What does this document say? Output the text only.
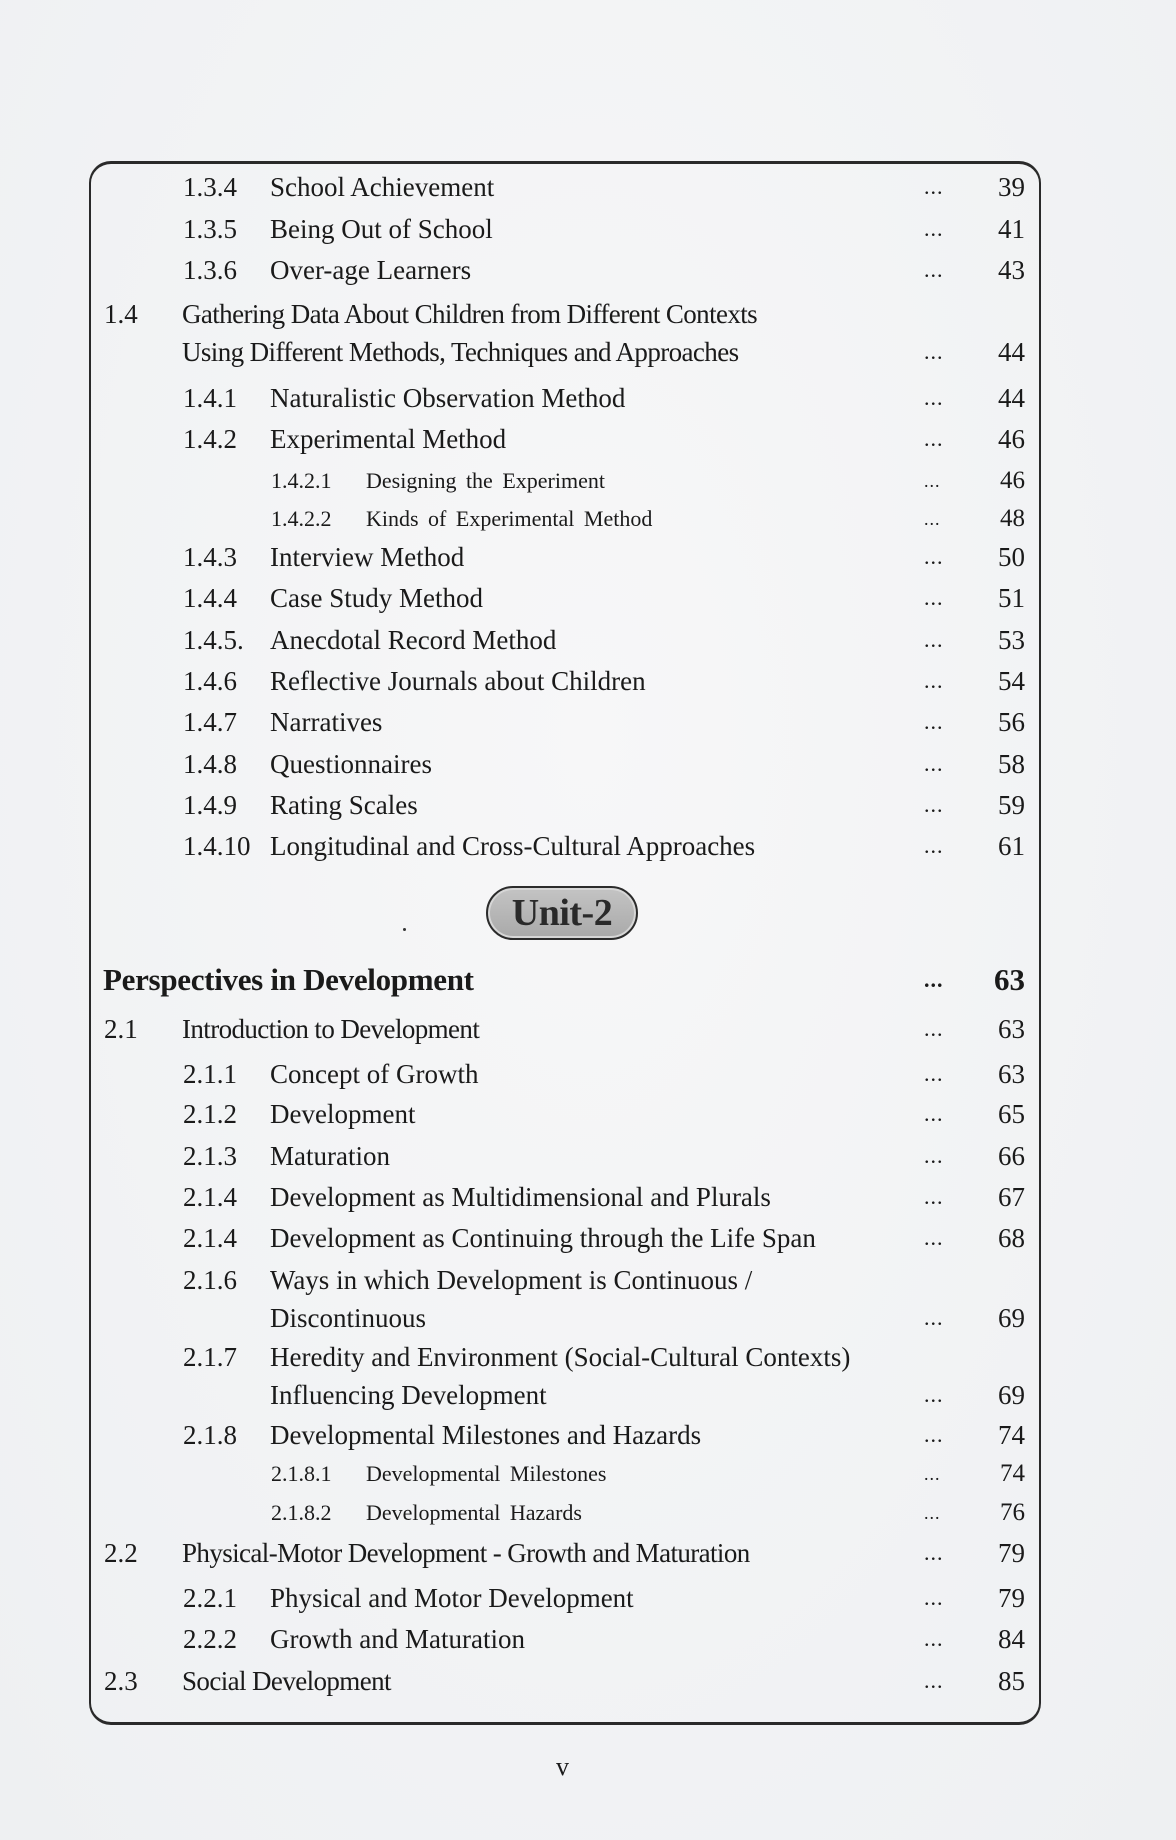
1.3.4 School Achievement	... 39
1.3.5 Being Out of School	... 41
1.3.6 Over-age Learners	... 43
1.4 Gathering Data About Children from Different Contexts
Using Different Methods, Techniques and Approaches	... 44
1.4.1 Naturalistic Observation Method	... 44
1.4.2 Experimental Method	... 46
1.4.2.1 Designing the Experiment	... 46
1.4.2.2 Kinds of Experimental Method	... 48
1.4.3 Interview Method	... 50
1.4.4 Case Study Method	... 51
1.4.5. Anecdotal Record Method	... 53
1.4.6 Reflective Journals about Children	... 54
1.4.7 Narratives	... 56
1.4.8 Questionnaires	... 58
1.4.9 Rating Scales	... 59
1.4.10 Longitudinal and Cross-Cultural Approaches	... 61
Perspectives in Development	... 63
2.1 Introduction to Development	... 63
2.1.1 Concept of Growth	... 63
2.1.2 Development	... 65
2.1.3 Maturation	... 66
2.1.4 Development as Multidimensional and Plurals	... 67
2.1.4 Development as Continuing through the Life Span	... 68
2.1.6 Ways in which Development is Continuous /
Discontinuous	... 69
2.1.7 Heredity and Environment (Social-Cultural Contexts)
Influencing Development	... 69
2.1.8 Developmental Milestones and Hazards	... 74
2.1.8.1 Developmental Milestones	... 74
2.1.8.2 Developmental Hazards	... 76
2.2 Physical-Motor Development - Growth and Maturation	... 79
2.2.1 Physical and Motor Development	... 79
2.2.2 Growth and Maturation	... 84
2.3 Social Development	... 85
Unit-2
v
